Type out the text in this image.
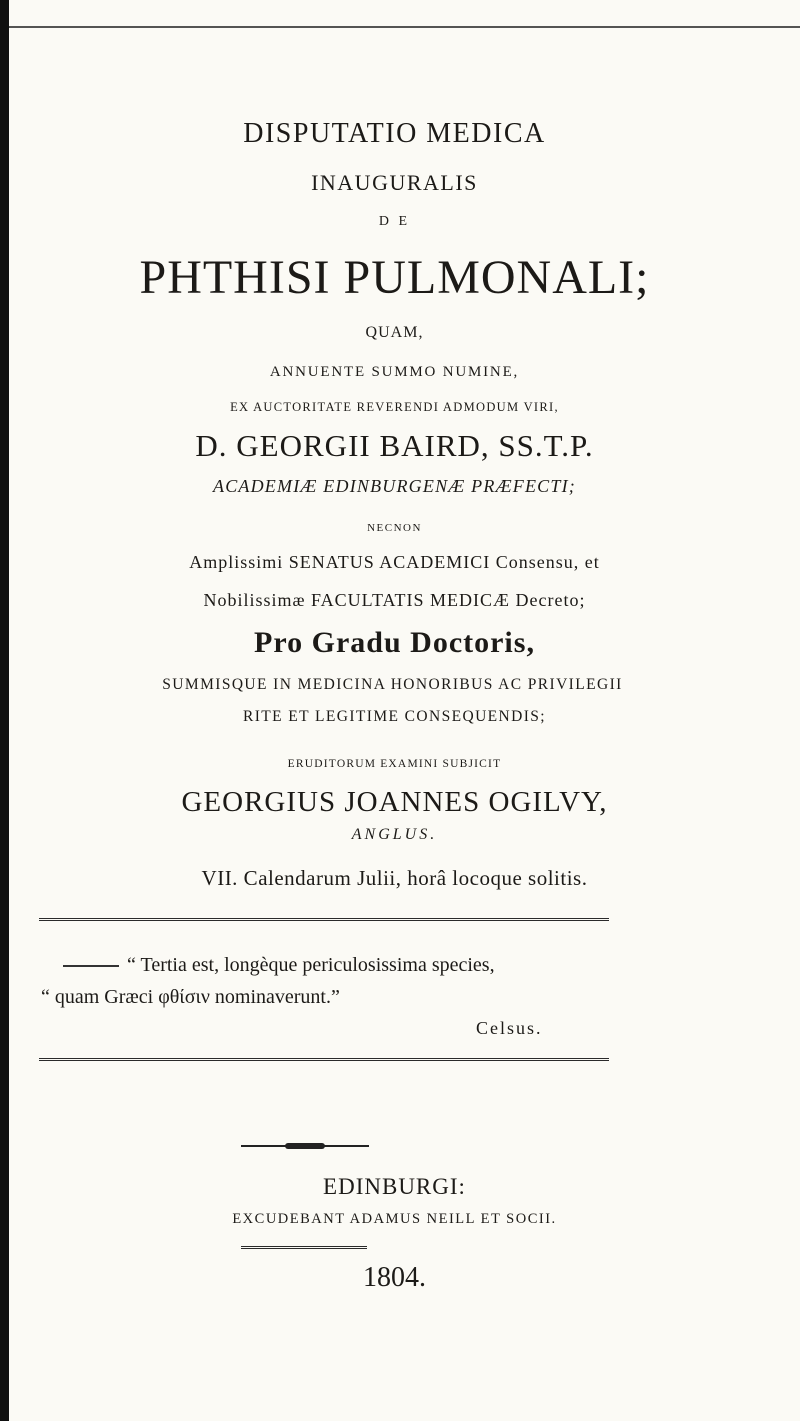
DISPUTATIO MEDICA
INAUGURALIS
D E
PHTHISI PULMONALI;
QUAM,
ANNUENTE SUMMO NUMINE,
EX AUCTORITATE REVERENDI ADMODUM VIRI,
D. GEORGII BAIRD, SS.T.P.
ACADEMIÆ EDINBURGENÆ PRÆFECTI;
NECNON
Amplissimi SENATUS ACADEMICI Consensu, et
Nobilissimæ FACULTATIS MEDICÆ Decreto;
Pro Gradu Doctoris,
SUMMISQUE IN MEDICINA HONORIBUS AC PRIVILEGII
RITE ET LEGITIME CONSEQUENDIS;
ERUDITORUM EXAMINI SUBJICIT
GEORGIUS JOANNES OGILVY,
ANGLUS.
VII. Calendarum Julii, horâ locoque solitis.
“ Tertia est, longèque periculosissima species,
“ quam Græci φθίσιν nominaverunt.”
Celsus.
EDINBURGI:
EXCUDEBANT ADAMUS NEILL ET SOCII.
1804.
